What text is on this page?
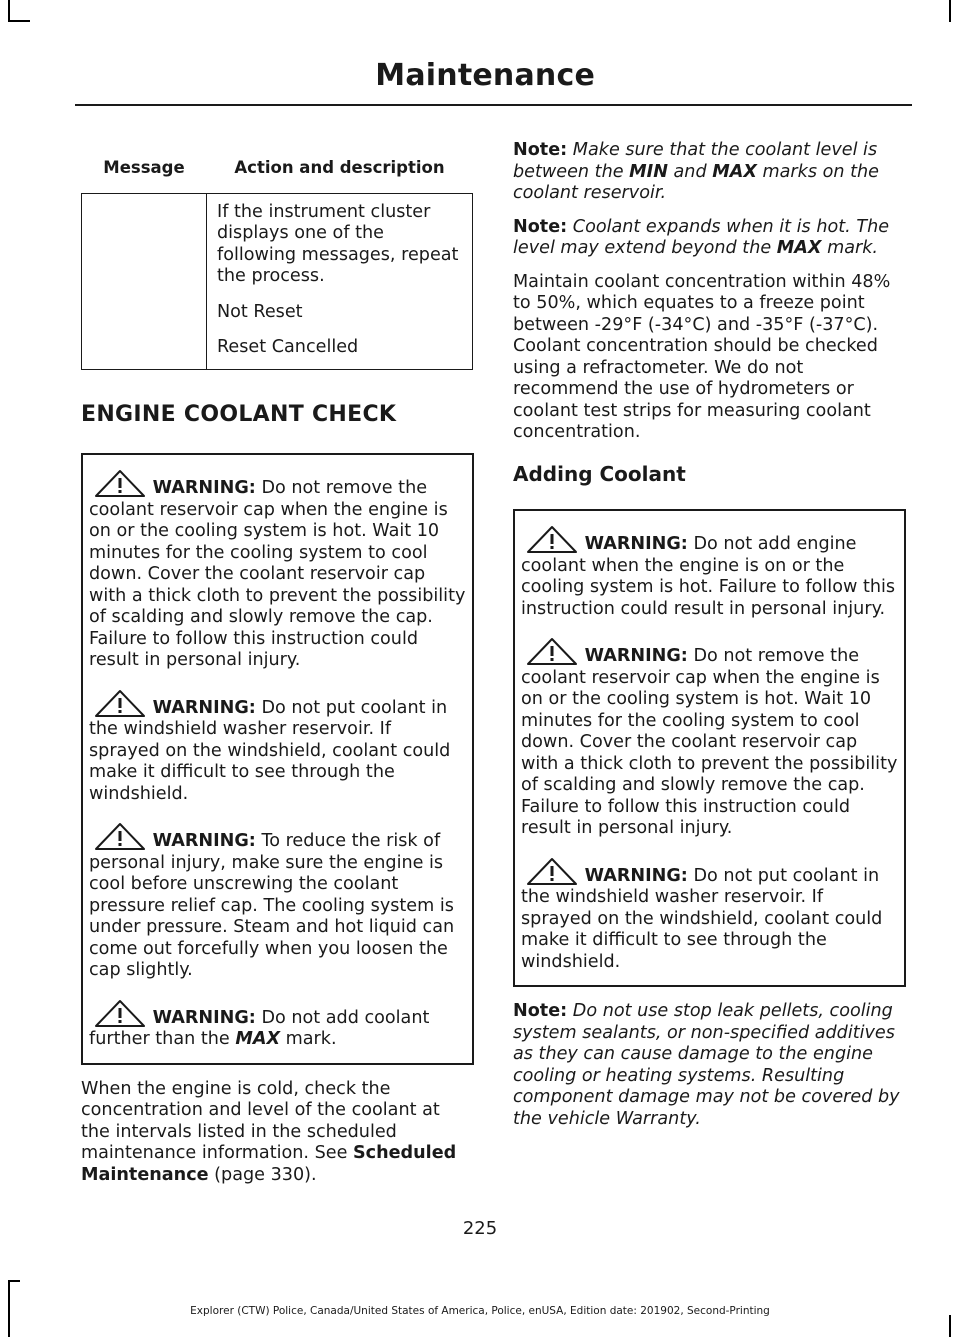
Maintenance
Message	Action and description

	If the instrument cluster displays one of the following messages, repeat the process.

Not Reset

Reset Cancelled

ENGINE COOLANT CHECK

WARNING: Do not remove the coolant reservoir cap when the engine is on or the cooling system is hot. Wait 10 minutes for the cooling system to cool down. Cover the coolant reservoir cap with a thick cloth to prevent the possibility of scalding and slowly remove the cap. Failure to follow this instruction could result in personal injury.

WARNING: Do not put coolant in the windshield washer reservoir. If sprayed on the windshield, coolant could make it difficult to see through the windshield.

WARNING: To reduce the risk of personal injury, make sure the engine is cool before unscrewing the coolant pressure relief cap. The cooling system is under pressure. Steam and hot liquid can come out forcefully when you loosen the cap slightly.

WARNING: Do not add coolant further than the MAX mark.

When the engine is cold, check the concentration and level of the coolant at the intervals listed in the scheduled maintenance information. See Scheduled Maintenance (page 330).

Note: Make sure that the coolant level is between the MIN and MAX marks on the coolant reservoir.

Note: Coolant expands when it is hot. The level may extend beyond the MAX mark.

Maintain coolant concentration within 48% to 50%, which equates to a freeze point between -29°F (-34°C) and -35°F (-37°C). Coolant concentration should be checked using a refractometer. We do not recommend the use of hydrometers or coolant test strips for measuring coolant concentration.

Adding Coolant

WARNING: Do not add engine coolant when the engine is on or the cooling system is hot. Failure to follow this instruction could result in personal injury.

WARNING: Do not remove the coolant reservoir cap when the engine is on or the cooling system is hot. Wait 10 minutes for the cooling system to cool down. Cover the coolant reservoir cap with a thick cloth to prevent the possibility of scalding and slowly remove the cap. Failure to follow this instruction could result in personal injury.

WARNING: Do not put coolant in the windshield washer reservoir. If sprayed on the windshield, coolant could make it difficult to see through the windshield.

Note: Do not use stop leak pellets, cooling system sealants, or non-specified additives as they can cause damage to the engine cooling or heating systems. Resulting component damage may not be covered by the vehicle Warranty.

225
Explorer (CTW) Police, Canada/United States of America, Police, enUSA, Edition date: 201902, Second-Printing
